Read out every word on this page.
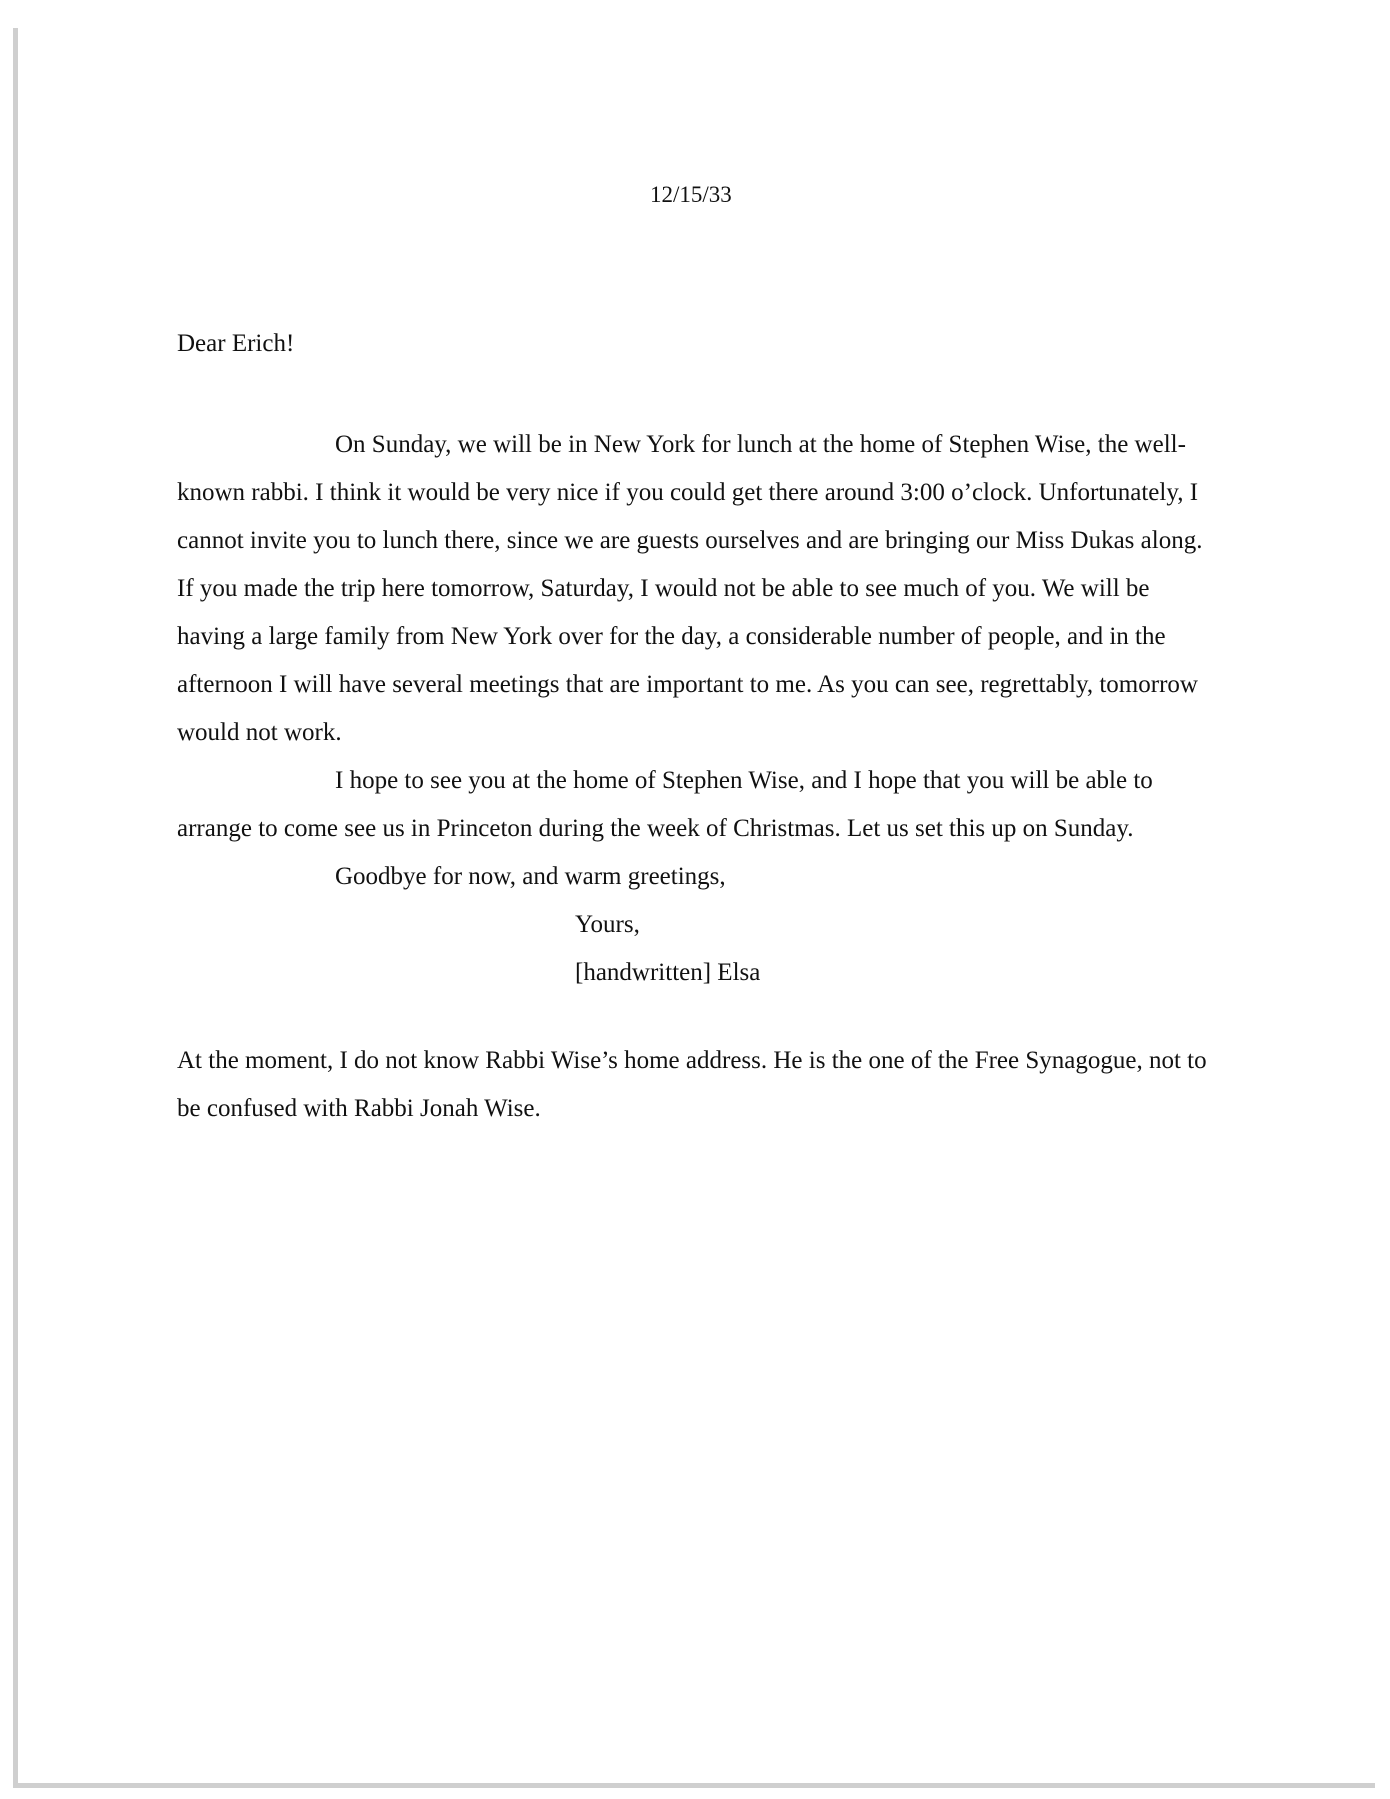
12/15/33
Dear Erich!

On Sunday, we will be in New York for lunch at the home of Stephen Wise, the well-known rabbi. I think it would be very nice if you could get there around 3:00 o’clock. Unfortunately, I cannot invite you to lunch there, since we are guests ourselves and are bringing our Miss Dukas along. If you made the trip here tomorrow, Saturday, I would not be able to see much of you. We will be having a large family from New York over for the day, a considerable number of people, and in the afternoon I will have several meetings that are important to me. As you can see, regrettably, tomorrow would not work.

I hope to see you at the home of Stephen Wise, and I hope that you will be able to arrange to come see us in Princeton during the week of Christmas. Let us set this up on Sunday.

Goodbye for now, and warm greetings,

Yours,

[handwritten] Elsa

At the moment, I do not know Rabbi Wise’s home address. He is the one of the Free Synagogue, not to be confused with Rabbi Jonah Wise.
